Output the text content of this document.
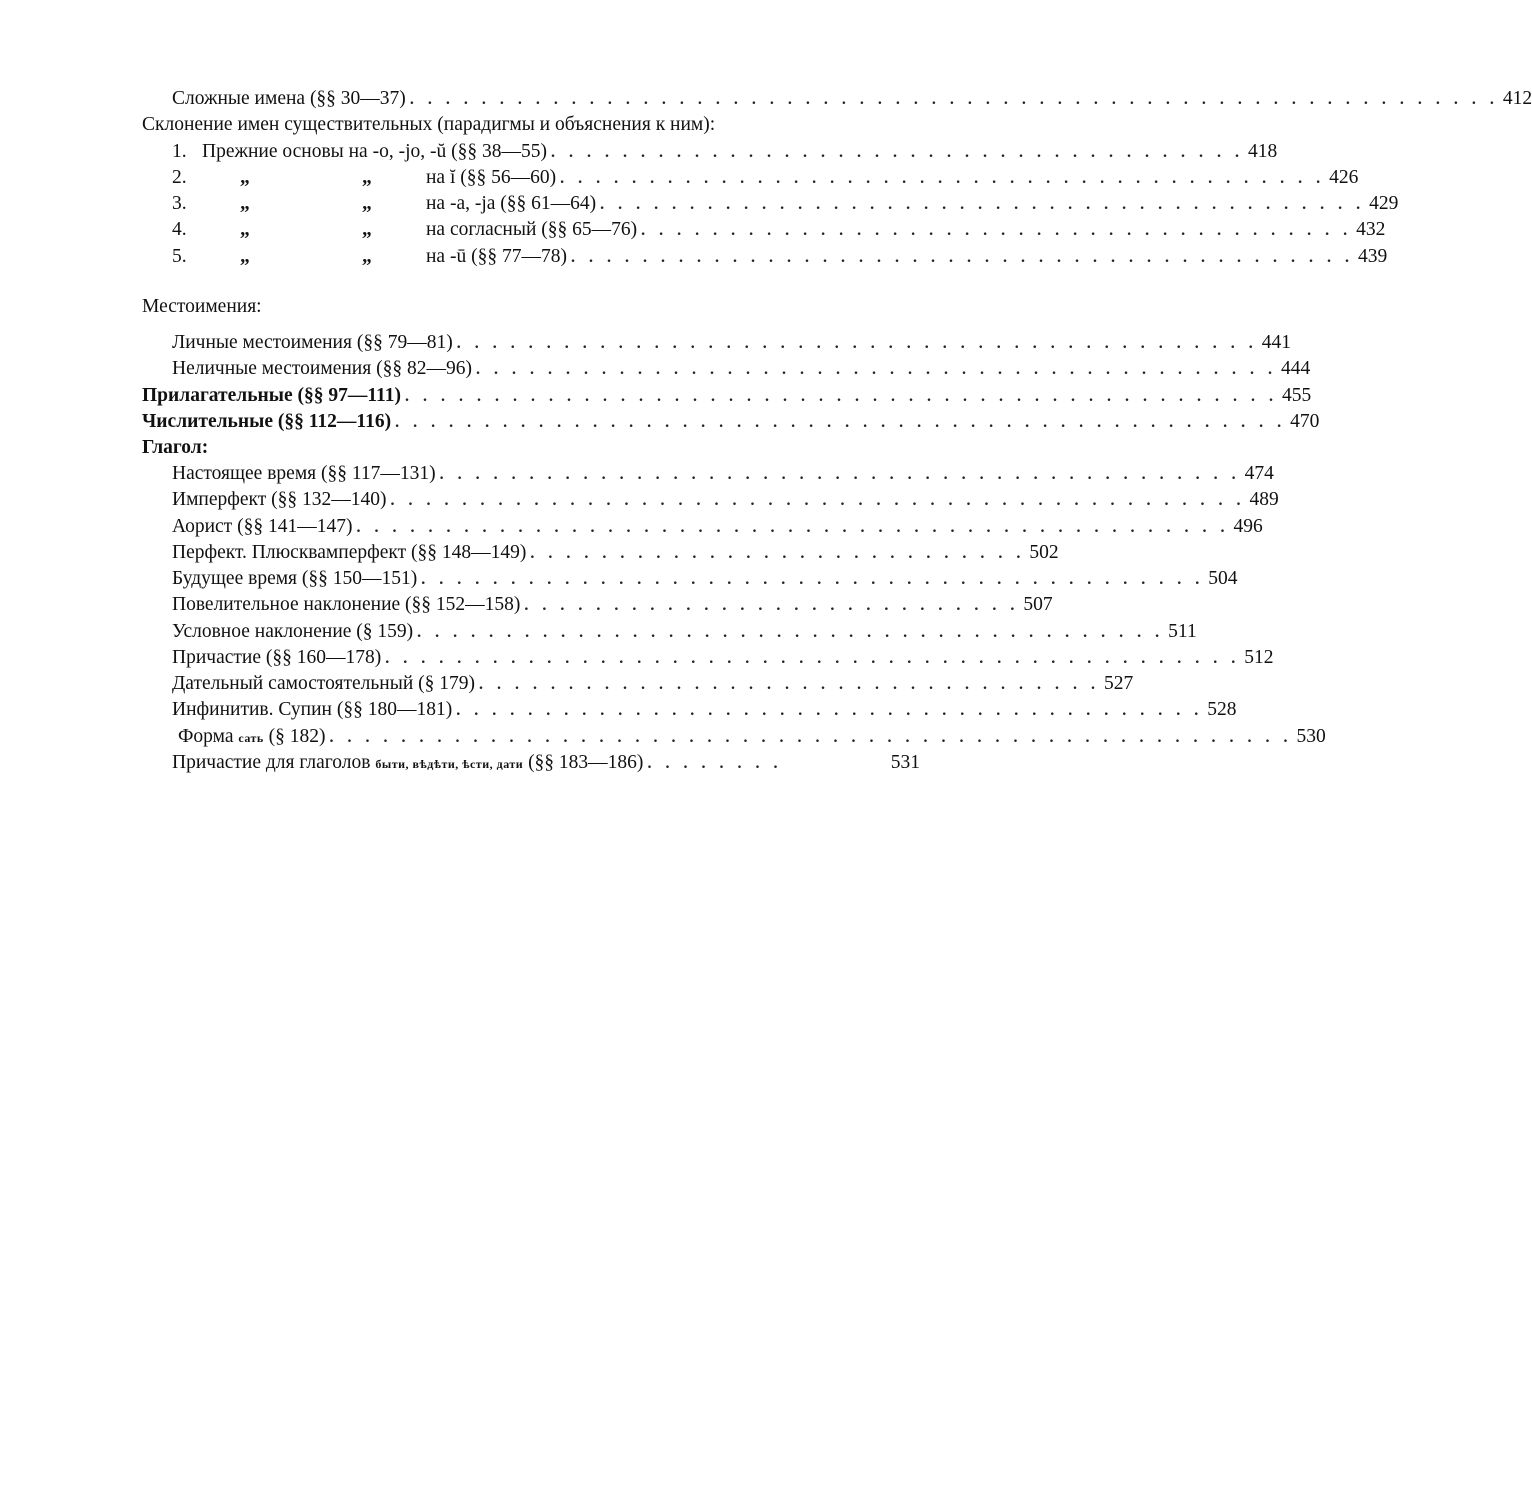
Сложные имена (§§ 30—37) . . . . . . . . . . . . . . . . . . . . . . . . . . . . . . . . . . . . . . . . . . . . . . . . . . . . . . . . . . . . . 412
Склонение имен существительных (парадигмы и объяснения к ним):
1. Прежние основы на -о, -јо, -ŭ (§§ 38—55) . . . . . . . . . . . . . . . . . . . . . . . . . . . . . . . . . . . . . . . 418
2.	„	„	на ĭ (§§ 56—60) . . . . . . . . . . . . . . . . . . . . . . . . . . . . . . . . . . . . . . . . . . . 426
3.	„	„	на -а, -ја (§§ 61—64) . . . . . . . . . . . . . . . . . . . . . . . . . . . . . . . . . . . . . . . . . . . 429
4.	„	„	на согласный (§§ 65—76) . . . . . . . . . . . . . . . . . . . . . . . . . . . . . . . . . . . . . . . . 432
5.	„	„	на -ū (§§ 77—78) . . . . . . . . . . . . . . . . . . . . . . . . . . . . . . . . . . . . . . . . . . . . 439
Местоимения:
Личные местоимения (§§ 79—81) . . . . . . . . . . . . . . . . . . . . . . . . . . . . . . . . . . . . . . . . . . . . . 441
Неличные местоимения (§§ 82—96) . . . . . . . . . . . . . . . . . . . . . . . . . . . . . . . . . . . . . . . . . . . . . 444
Прилагательные (§§ 97—111) . . . . . . . . . . . . . . . . . . . . . . . . . . . . . . . . . . . . . . . . . . . . . . . . . 455
Числительные (§§ 112—116) . . . . . . . . . . . . . . . . . . . . . . . . . . . . . . . . . . . . . . . . . . . . . . . . . . 470
Глагол:
Настоящее время (§§ 117—131) . . . . . . . . . . . . . . . . . . . . . . . . . . . . . . . . . . . . . . . . . . . . . 474
Имперфект (§§ 132—140) . . . . . . . . . . . . . . . . . . . . . . . . . . . . . . . . . . . . . . . . . . . . . . . . 489
Аорист (§§ 141—147) . . . . . . . . . . . . . . . . . . . . . . . . . . . . . . . . . . . . . . . . . . . . . . . . . 496
Перфект. Плюсквамперфект (§§ 148—149) . . . . . . . . . . . . . . . . . . . . . . . . . . . . 502
Будущее время (§§ 150—151) . . . . . . . . . . . . . . . . . . . . . . . . . . . . . . . . . . . . . . . . . . . . 504
Повелительное наклонение (§§ 152—158) . . . . . . . . . . . . . . . . . . . . . . . . . . . . 507
Условное наклонение (§ 159) . . . . . . . . . . . . . . . . . . . . . . . . . . . . . . . . . . . . . . . . . . 511
Причастие (§§ 160—178) . . . . . . . . . . . . . . . . . . . . . . . . . . . . . . . . . . . . . . . . . . . . . . . . 512
Дательный самостоятельный (§ 179) . . . . . . . . . . . . . . . . . . . . . . . . . . . . . . . . . . . 527
Инфинитив. Супин (§§ 180—181) . . . . . . . . . . . . . . . . . . . . . . . . . . . . . . . . . . . . . . . . . . 528
Форма сать (§ 182) . . . . . . . . . . . . . . . . . . . . . . . . . . . . . . . . . . . . . . . . . . . . . . . . . . . . . . 530
Причастие для глаголов быти, вѣдѣти, ѣсти, дати (§§ 183—186) . . . . . . . .	531
